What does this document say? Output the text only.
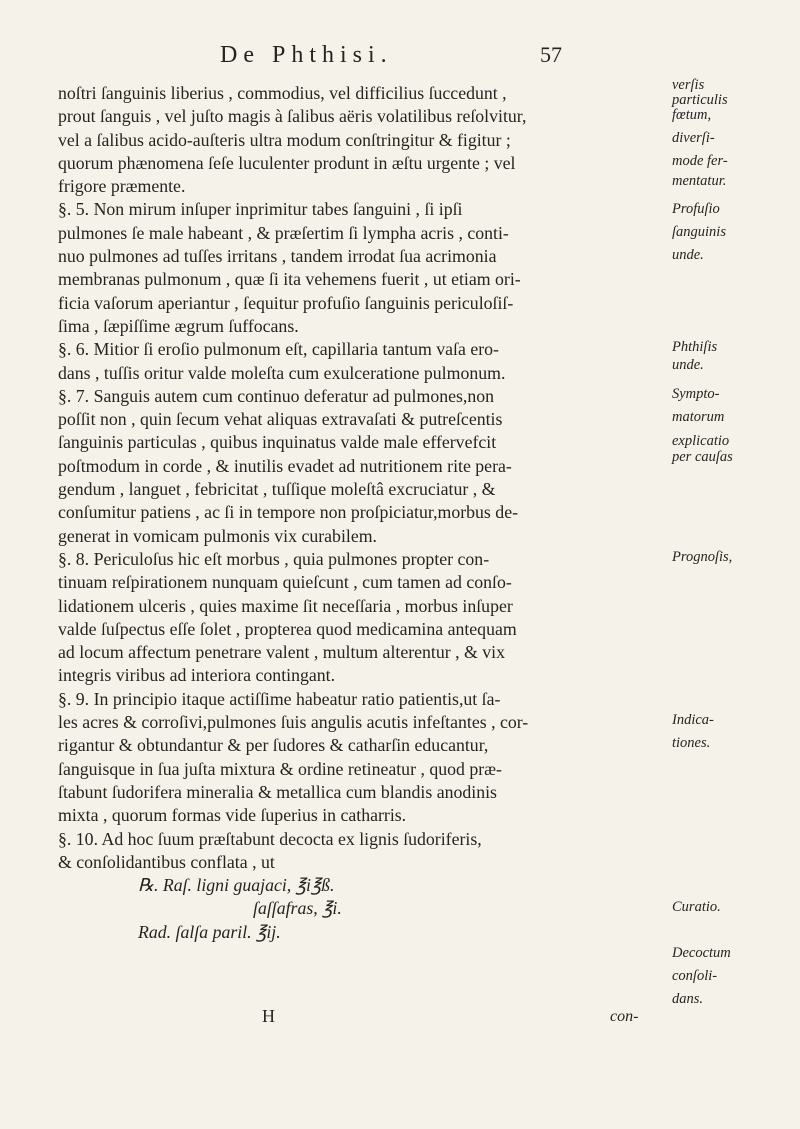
De Phthisi.	57
noſtri ſanguinis liberius , commodius, vel difficilius ſuccedunt ,
prout ſanguis , vel juſto magis à ſalibus aëris volatilibus reſolvitur,
vel a ſalibus acido-auſteris ultra modum conſtringitur & figitur ;
quorum phænomena ſeſe luculenter produnt in æſtu urgente ; vel
frigore præmente.
§. 5. Non mirum inſuper inprimitur tabes ſanguini , ſi ipſi
pulmones ſe male habeant , & præſertim ſi lympha acris , conti-
nuo pulmones ad tuſſes irritans , tandem irrodat ſua acrimonia
membranas pulmonum , quæ ſi ita vehemens fuerit , ut etiam ori-
ficia vaſorum aperiantur , ſequitur profuſio ſanguinis periculoſiſ-
ſima , ſæpiſſime ægrum ſuffocans.
§. 6. Mitior ſi eroſio pulmonum eſt, capillaria tantum vaſa ero-
dans , tuſſis oritur valde moleſta cum exulceratione pulmonum.
§. 7. Sanguis autem cum continuo deferatur ad pulmones,non
poſſit non , quin ſecum vehat aliquas extravaſati & putreſcentis
ſanguinis particulas , quibus inquinatus valde male effervefcit
poſtmodum in corde , & inutilis evadet ad nutritionem rite pera-
gendum , languet , febricitat , tuſſique moleſtâ excruciatur , &
conſumitur patiens , ac ſi in tempore non proſpiciatur,morbus de-
generat in vomicam pulmonis vix curabilem.
§. 8. Periculoſus hic eſt morbus , quia pulmones propter con-
tinuam reſpirationem nunquam quieſcunt , cum tamen ad conſo-
lidationem ulceris , quies maxime ſit neceſſaria , morbus inſuper
valde ſuſpectus eſſe ſolet , propterea quod medicamina antequam
ad locum affectum penetrare valent , multum alterentur , & vix
integris viribus ad interiora contingant.
§. 9. In principio itaque actiſſime habeatur ratio patientis,ut ſa-
les acres & corroſivi,pulmones ſuis angulis acutis infeſtantes , cor-
rigantur & obtundantur & per ſudores & catharſin educantur,
ſanguisque in ſua juſta mixtura & ordine retineatur , quod præ-
ſtabunt ſudorifera mineralia & metallica cum blandis anodinis
mixta , quorum formas vide ſuperius in catharris.
§. 10. Ad hoc ſuum præſtabunt decocta ex lignis ſudoriferis,
& conſolidantibus conflata , ut
℞. Raſ. ligni guajaci, ℥i℥ß.
ſaſſafras, ℥i.
Rad. ſalſa paril. ℥ij.
verſis
particulis
fœtum,
diverſi-
mode fer-
mentatur.
Profuſio
ſanguinis
unde.
Phthiſis
unde.
Sympto-
matorum
explicatio
per cauſas
Prognoſis,
Indica-
tiones.
Curatio.
Decoctum
conſoli-
dans.
H	con-
